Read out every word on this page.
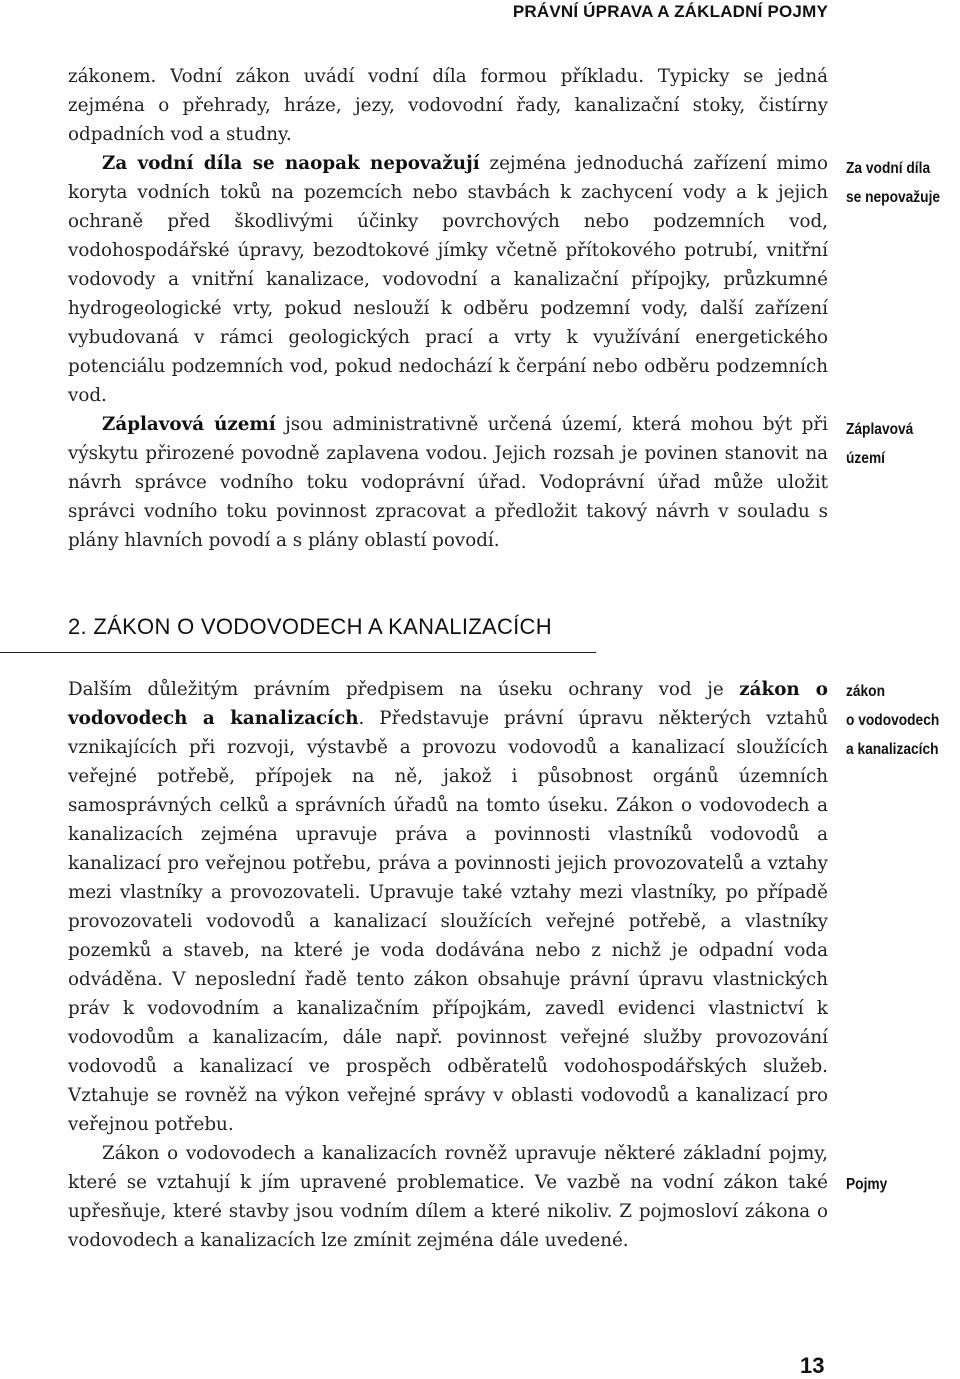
PRÁVNÍ ÚPRAVA A ZÁKLADNÍ POJMY

zákonem. Vodní zákon uvádí vodní díla formou příkladu. Typicky se jedná zejména o přehrady, hráze, jezy, vodovodní řady, kanalizační stoky, čistírny odpadních vod a studny.

Za vodní díla se naopak nepovažují zejména jednoduchá zařízení mimo koryta vodních toků na pozemcích nebo stavbách k zachycení vody a k jejich ochraně před škodlivými účinky povrchových nebo podzemních vod, vodohospodářské úpravy, bezodtokové jímky včetně přítokového potrubí, vnitřní vodovody a vnitřní kanalizace, vodovodní a kanalizační přípojky, průzkumné hydrogeologické vrty, pokud neslouží k odběru podzemní vody, další zařízení vybudovaná v rámci geologických prací a vrty k využívání energetického potenciálu podzemních vod, pokud nedochází k čerpání nebo odběru podzemních vod.

Záplavová území jsou administrativně určená území, která mohou být při výskytu přirozené povodně zaplavena vodou. Jejich rozsah je povinen stanovit na návrh správce vodního toku vodoprávní úřad. Vodoprávní úřad může uložit správci vodního toku povinnost zpracovat a předložit takový návrh v souladu s plány hlavních povodí a s plány oblastí povodí.

Za vodní díla
se nepovažuje
Záplavová
území
2. ZÁKON O VODOVODECH A KANALIZACÍCH

Dalším důležitým právním předpisem na úseku ochrany vod je zákon o vodovodech a kanalizacích. Představuje právní úpravu některých vztahů vznikajících při rozvoji, výstavbě a provozu vodovodů a kanalizací sloužících veřejné potřebě, přípojek na ně, jakož i působnost orgánů územních samosprávných celků a správních úřadů na tomto úseku. Zákon o vodovodech a kanalizacích zejména upravuje práva a povinnosti vlastníků vodovodů a kanalizací pro veřejnou potřebu, práva a povinnosti jejich provozovatelů a vztahy mezi vlastníky a provozovateli. Upravuje také vztahy mezi vlastníky, po případě provozovateli vodovodů a kanalizací sloužících veřejné potřebě, a vlastníky pozemků a staveb, na které je voda dodávána nebo z nichž je odpadní voda odváděna. V neposlední řadě tento zákon obsahuje právní úpravu vlastnických práv k vodovodním a kanalizačním přípojkám, zavedl evidenci vlastnictví k vodovodům a kanalizacím, dále např. povinnost veřejné služby provozování vodovodů a kanalizací ve prospěch odběratelů vodohospodářských služeb. Vztahuje se rovněž na výkon veřejné správy v oblasti vodovodů a kanalizací pro veřejnou potřebu.

Zákon o vodovodech a kanalizacích rovněž upravuje některé základní pojmy, které se vztahují k jím upravené problematice. Ve vazbě na vodní zákon také upřesňuje, které stavby jsou vodním dílem a které nikoliv. Z pojmosloví zákona o vodovodech a kanalizacích lze zmínit zejména dále uvedené.

zákon
o vodovodech
a kanalizacích
Pojmy
13
